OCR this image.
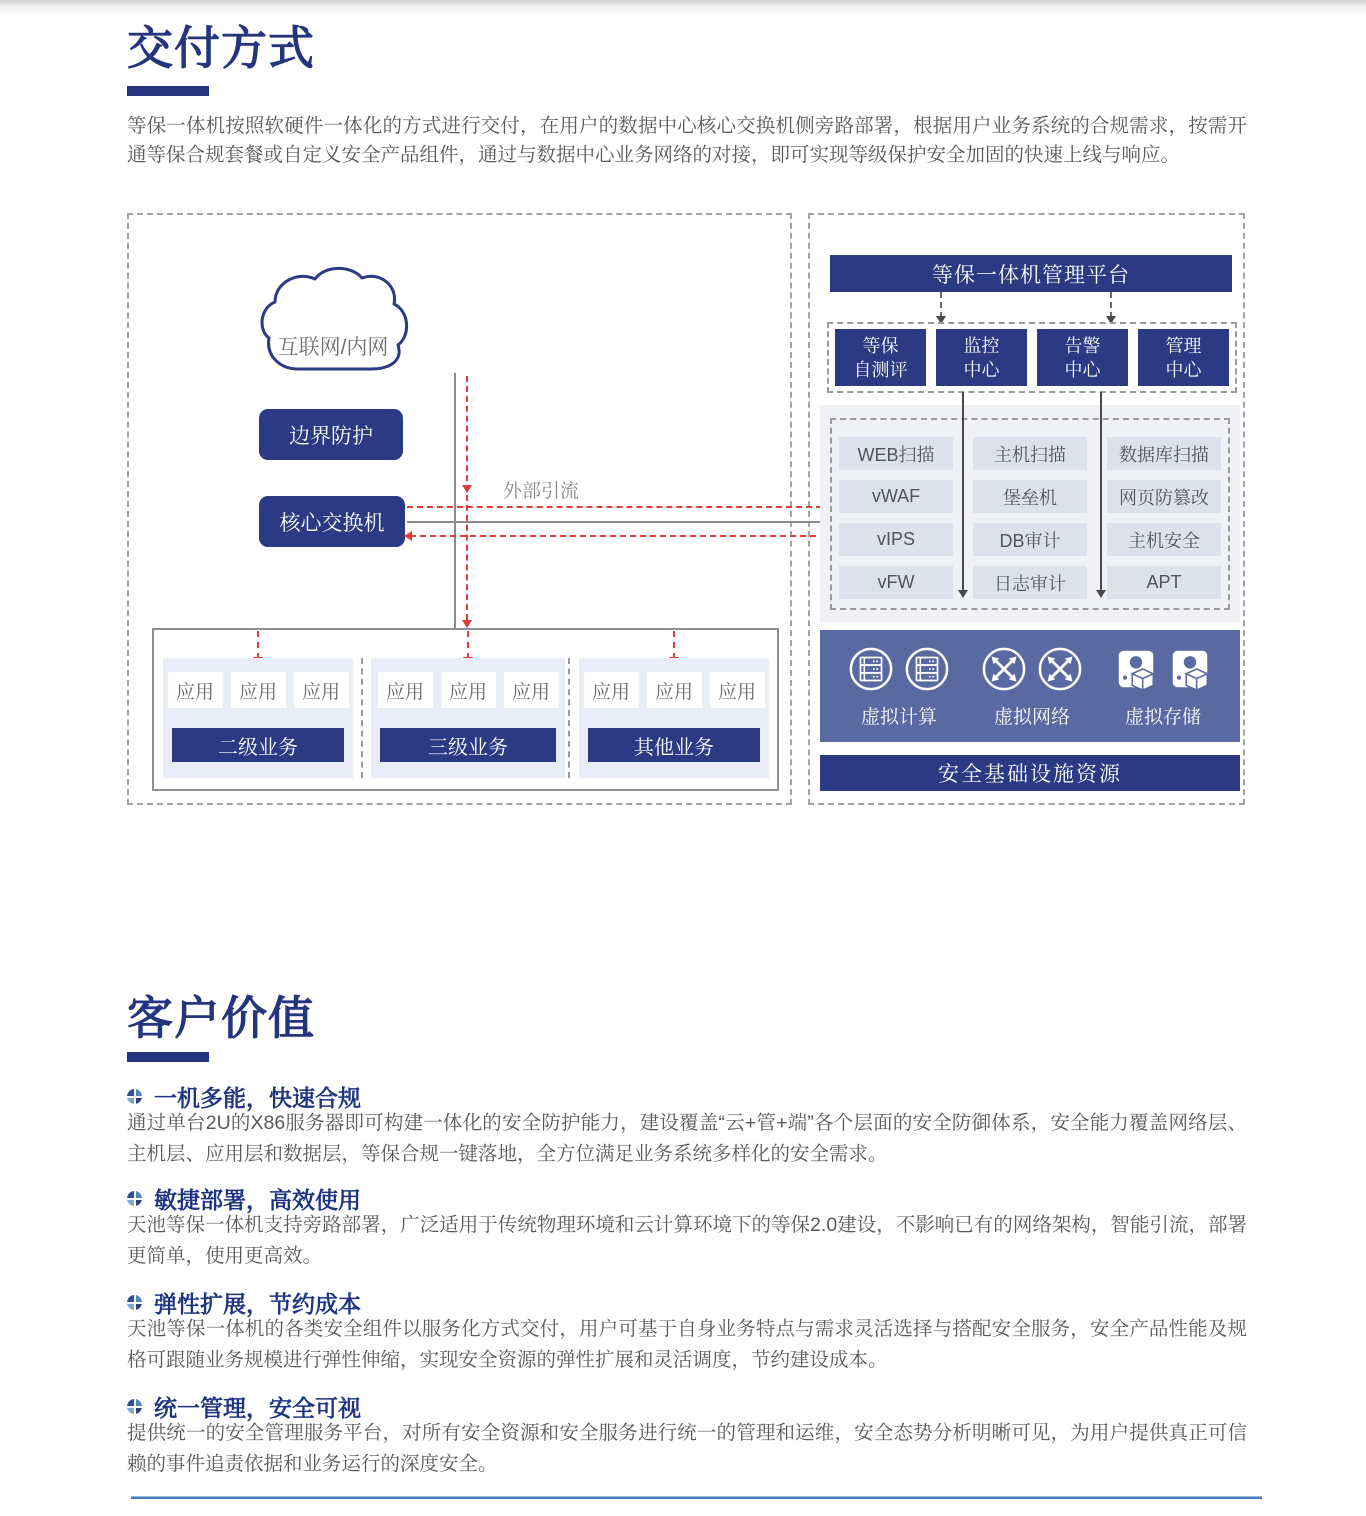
交付方式
等保一体机按照软硬件一体化的方式进行交付，在用户的数据中心核心交换机侧旁路部署，根据用户业务系统的合规需求，按需开通等保合规套餐或自定义安全产品组件，通过与数据中心业务网络的对接，即可实现等级保护安全加固的快速上线与响应。
互联网/内网
边界防护
核心交换机
外部引流
应用	应用	应用
二级业务
应用	应用	应用
三级业务
应用	应用	应用
其他业务
等保一体机管理平台
等保
自测评
监控
中心
告警
中心
管理
中心
WEB扫描	主机扫描	数据库扫描
vWAF	堡垒机	网页防篡改
vIPS	DB审计	主机安全
vFW	日志审计	APT
虚拟计算	虚拟网络	虚拟存储
安全基础设施资源
客户价值
一机多能，快速合规
通过单台2U的X86服务器即可构建一体化的安全防护能力，建设覆盖“云+管+端”各个层面的安全防御体系，安全能力覆盖网络层、主机层、应用层和数据层，等保合规一键落地，全方位满足业务系统多样化的安全需求。
敏捷部署，高效使用
天池等保一体机支持旁路部署，广泛适用于传统物理环境和云计算环境下的等保2.0建设，不影响已有的网络架构，智能引流，部署更简单，使用更高效。
弹性扩展，节约成本
天池等保一体机的各类安全组件以服务化方式交付，用户可基于自身业务特点与需求灵活选择与搭配安全服务，安全产品性能及规格可跟随业务规模进行弹性伸缩，实现安全资源的弹性扩展和灵活调度，节约建设成本。
统一管理，安全可视
提供统一的安全管理服务平台，对所有安全资源和安全服务进行统一的管理和运维，安全态势分析明晰可见，为用户提供真正可信赖的事件追责依据和业务运行的深度安全。
